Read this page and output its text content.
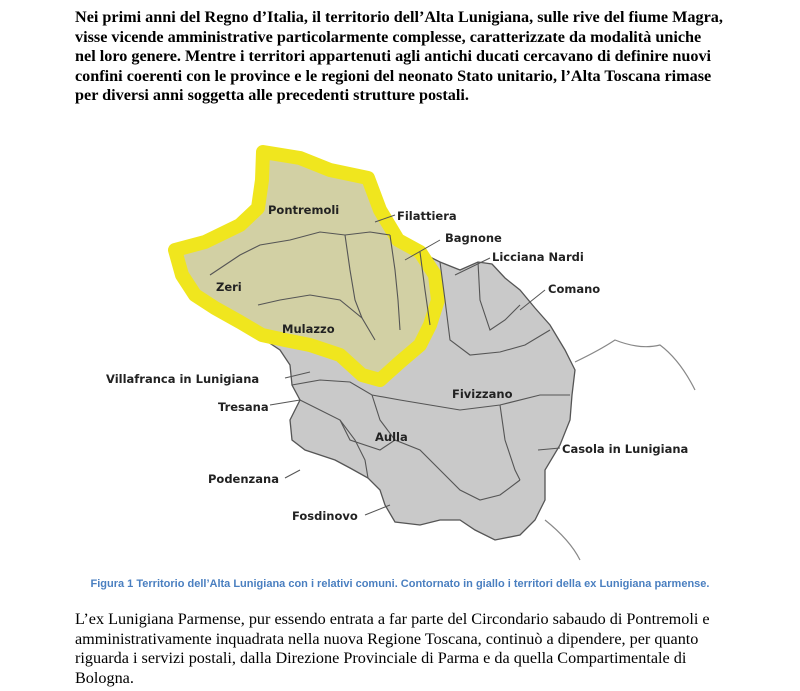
Nei primi anni del Regno d’Italia, il territorio dell’Alta Lunigiana, sulle rive del fiume Magra,
visse vicende amministrative particolarmente complesse, caratterizzate da modalità uniche
nel loro genere. Mentre i territori appartenuti agli antichi ducati cercavano di definire nuovi
confini coerenti con le province e le regioni del neonato Stato unitario, l’Alta Toscana rimase
per diversi anni soggetta alle precedenti strutture postali.
Pontremoli	Filattiera
Bagnone
Licciana Nardi
Zeri	Comano
Mulazzo
Villafranca in Lunigiana
Fivizzano
Tresana
Aulla
Casola in Lunigiana
Podenzana
Fosdinovo
Figura 1 Territorio dell’Alta Lunigiana con i relativi comuni. Contornato in giallo i territori della ex Lunigiana parmense.
L’ex Lunigiana Parmense, pur essendo entrata a far parte del Circondario sabaudo di Pontremoli e
amministrativamente inquadrata nella nuova Regione Toscana, continuò a dipendere, per quanto
riguarda i servizi postali, dalla Direzione Provinciale di Parma e da quella Compartimentale di
Bologna.
